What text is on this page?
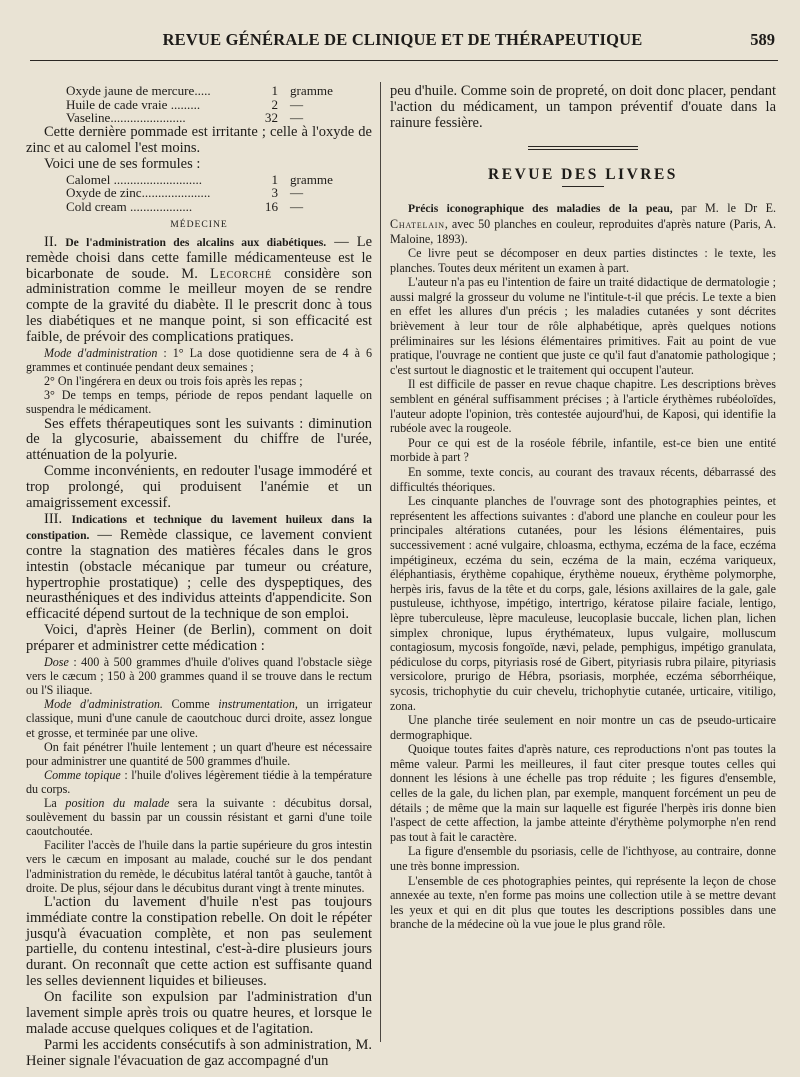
REVUE GÉNÉRALE DE CLINIQUE ET DE THÉRAPEUTIQUE	589
Oxyde jaune de mercure.....	1 gramme
Huile de cade vraie .........	2 —
Vaseline.......................	32 —

Cette dernière pommade est irritante ; celle à l'oxyde de zinc et au calomel l'est moins.

Voici une de ses formules :

Calomel ...........................	1 gramme
Oxyde de zinc.....................	3 —
Cold cream ...................	16 —
MÉDECINE

II. De l'administration des alcalins aux diabétiques. — Le remède choisi dans cette famille médicamenteuse est le bicarbonate de soude. M. Lecorché considère son administration comme le meilleur moyen de se rendre compte de la gravité du diabète. Il le prescrit donc à tous les diabétiques et ne manque point, si son efficacité est faible, de prévoir des complications pratiques.

Mode d'administration : 1° La dose quotidienne sera de 4 à 6 grammes et continuée pendant deux semaines ;

2° On l'ingérera en deux ou trois fois après les repas ;

3° De temps en temps, période de repos pendant laquelle on suspendra le médicament.

Ses effets thérapeutiques sont les suivants : diminution de la glycosurie, abaissement du chiffre de l'urée, atténuation de la polyurie.

Comme inconvénients, en redouter l'usage immodéré et trop prolongé, qui produisent l'anémie et un amaigrissement excessif.

III. Indications et technique du lavement huileux dans la constipation. — Remède classique, ce lavement convient contre la stagnation des matières fécales dans le gros intestin (obstacle mécanique par tumeur ou créature, hypertrophie prostatique) ; celle des dyspeptiques, des neurasthéniques et des individus atteints d'appendicite. Son efficacité dépend surtout de la technique de son emploi.

Voici, d'après Heiner (de Berlin), comment on doit préparer et administrer cette médication :

Dose : 400 à 500 grammes d'huile d'olives quand l'obstacle siège vers le cæcum ; 150 à 200 grammes quand il se trouve dans le rectum ou l'S iliaque.

Mode d'administration. Comme instrumentation, un irrigateur classique, muni d'une canule de caoutchouc durci droite, assez longue et grosse, et terminée par une olive.

On fait pénétrer l'huile lentement ; un quart d'heure est nécessaire pour administrer une quantité de 500 grammes d'huile.

Comme topique : l'huile d'olives légèrement tiédie à la température du corps.

La position du malade sera la suivante : décubitus dorsal, soulèvement du bassin par un coussin résistant et garni d'une toile caoutchoutée.

Faciliter l'accès de l'huile dans la partie supérieure du gros intestin vers le cæcum en imposant au malade, couché sur le dos pendant l'administration du remède, le décubitus latéral tantôt à gauche, tantôt à droite. De plus, séjour dans le décubitus durant vingt à trente minutes.

L'action du lavement d'huile n'est pas toujours immédiate contre la constipation rebelle. On doit le répéter jusqu'à évacuation complète, et non pas seulement partielle, du contenu intestinal, c'est-à-dire plusieurs jours durant. On reconnaît que cette action est suffisante quand les selles deviennent liquides et bilieuses.

On facilite son expulsion par l'administration d'un lavement simple après trois ou quatre heures, et lorsque le malade accuse quelques coliques et de l'agitation.

Parmi les accidents consécutifs à son administration, M. Heiner signale l'évacuation de gaz accompagné d'un

peu d'huile. Comme soin de propreté, on doit donc placer, pendant l'action du médicament, un tampon préventif d'ouate dans la rainure fessière.

REVUE DES LIVRES

Précis iconographique des maladies de la peau, par M. le Dr E. Chatelain, avec 50 planches en couleur, reproduites d'après nature (Paris, A. Maloine, 1893).

Ce livre peut se décomposer en deux parties distinctes : le texte, les planches. Toutes deux méritent un examen à part.

L'auteur n'a pas eu l'intention de faire un traité didactique de dermatologie ; aussi malgré la grosseur du volume ne l'intitule-t-il que précis. Le texte a bien en effet les allures d'un précis ; les maladies cutanées y sont décrites brièvement à leur tour de rôle alphabétique, après quelques notions préliminaires sur les lésions élémentaires primitives. Fait au point de vue pratique, l'ouvrage ne contient que juste ce qu'il faut d'anatomie pathologique ; c'est surtout le diagnostic et le traitement qui occupent l'auteur.

Il est difficile de passer en revue chaque chapitre. Les descriptions brèves semblent en général suffisamment précises ; à l'article érythèmes rubéoloïdes, l'auteur adopte l'opinion, très contestée aujourd'hui, de Kaposi, qui identifie la rubéole avec la rougeole.

Pour ce qui est de la roséole fébrile, infantile, est-ce bien une entité morbide à part ?

En somme, texte concis, au courant des travaux récents, débarrassé des difficultés théoriques.

Les cinquante planches de l'ouvrage sont des photographies peintes, et représentent les affections suivantes : d'abord une planche en couleur pour les principales altérations cutanées, pour les lésions élémentaires, puis successivement : acné vulgaire, chloasma, ecthyma, eczéma de la face, eczéma impétigineux, eczéma du sein, eczéma de la main, eczéma variqueux, éléphantiasis, érythème copahique, érythème noueux, érythème polymorphe, herpès iris, favus de la tête et du corps, gale, lésions axillaires de la gale, gale pustuleuse, ichthyose, impétigo, intertrigo, kératose pilaire faciale, lentigo, lèpre tuberculeuse, lèpre maculeuse, leucoplasie buccale, lichen plan, lichen simplex chronique, lupus érythémateux, lupus vulgaire, molluscum contagiosum, mycosis fongoïde, nævi, pelade, pemphigus, impétigo granulata, pédiculose du corps, pityriasis rosé de Gibert, pityriasis rubra pilaire, pityriasis versicolore, prurigo de Hébra, psoriasis, morphée, eczéma séborrhéique, sycosis, trichophytie du cuir chevelu, trichophytie cutanée, urticaire, vitiligo, zona.

Une planche tirée seulement en noir montre un cas de pseudo-urticaire dermographique.

Quoique toutes faites d'après nature, ces reproductions n'ont pas toutes la même valeur. Parmi les meilleures, il faut citer presque toutes celles qui donnent les lésions à une échelle pas trop réduite ; les figures d'ensemble, celles de la gale, du lichen plan, par exemple, manquent forcément un peu de détails ; de même que la main sur laquelle est figurée l'herpès iris donne bien l'aspect de cette affection, la jambe atteinte d'érythème polymorphe n'en rend pas tout à fait le caractère.

La figure d'ensemble du psoriasis, celle de l'ichthyose, au contraire, donne une très bonne impression.

L'ensemble de ces photographies peintes, qui représente la leçon de chose annexée au texte, n'en forme pas moins une collection utile à se mettre devant les yeux et qui en dit plus que toutes les descriptions possibles dans une branche de la médecine où la vue joue le plus grand rôle.
